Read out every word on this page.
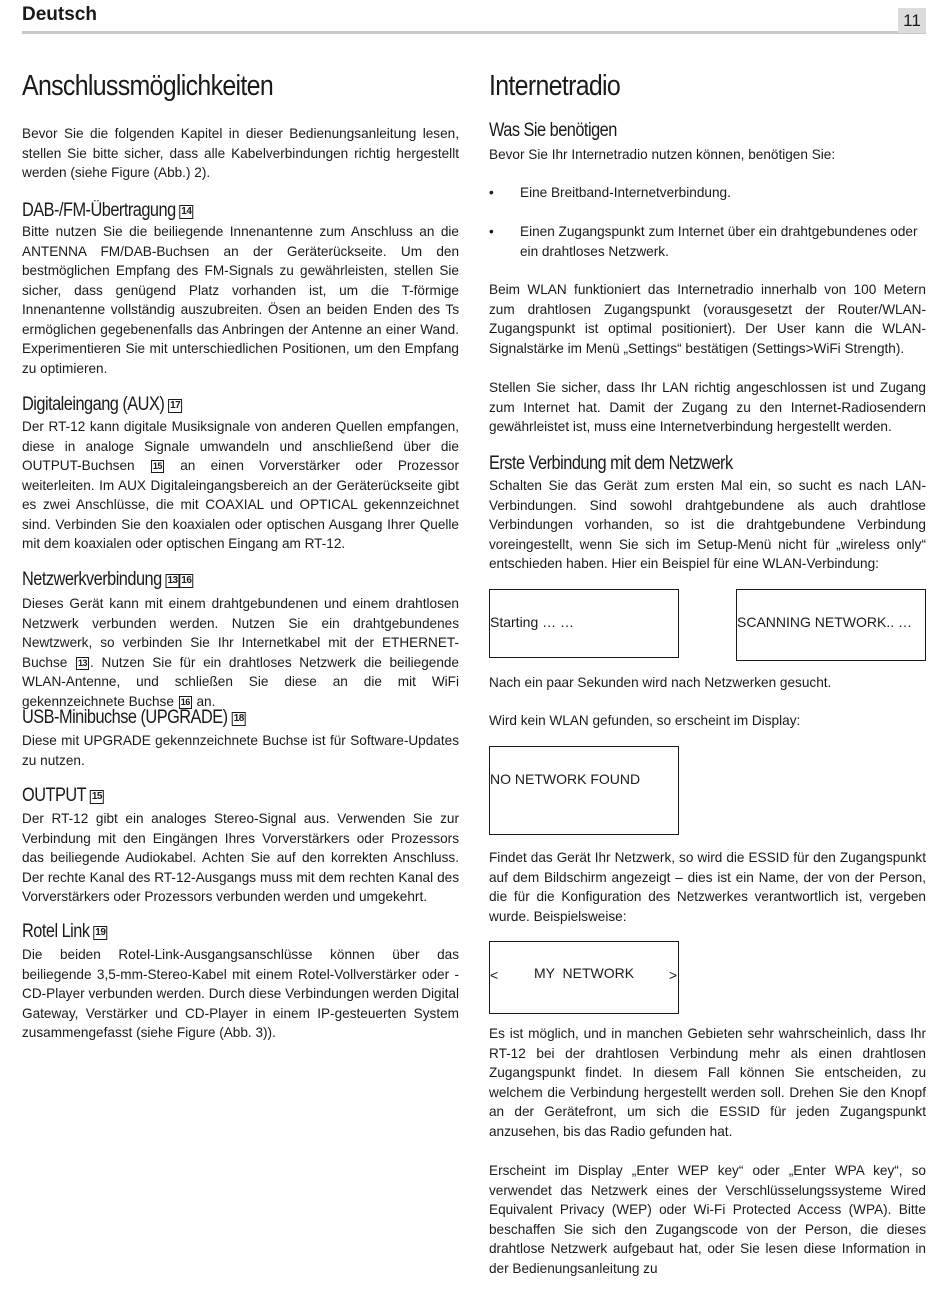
Deutsch	11
Anschlussmöglichkeiten
Bevor Sie die folgenden Kapitel in dieser Bedienungsanleitung lesen, stellen Sie bitte sicher, dass alle Kabelverbindungen richtig hergestellt werden (siehe Figure (Abb.) 2).
DAB-/FM-Übertragung 14
Bitte nutzen Sie die beiliegende Innenantenne zum Anschluss an die ANTENNA FM/DAB-Buchsen an der Geräterückseite. Um den bestmöglichen Empfang des FM-Signals zu gewährleisten, stellen Sie sicher, dass genügend Platz vorhanden ist, um die T-förmige Innenantenne vollständig auszubreiten. Ösen an beiden Enden des Ts ermöglichen gegebenenfalls das Anbringen der Antenne an einer Wand. Experimentieren Sie mit unterschiedlichen Positionen, um den Empfang zu optimieren.
Digitaleingang (AUX) 17
Der RT-12 kann digitale Musiksignale von anderen Quellen empfangen, diese in analoge Signale umwandeln und anschließend über die OUTPUT-Buchsen 15 an einen Vorverstärker oder Prozessor weiterleiten. Im AUX Digitaleingangsbereich an der Geräterückseite gibt es zwei Anschlüsse, die mit COAXIAL und OPTICAL gekennzeichnet sind. Verbinden Sie den koaxialen oder optischen Ausgang Ihrer Quelle mit dem koaxialen oder optischen Eingang am RT-12.
Netzwerkverbindung 13 16
Dieses Gerät kann mit einem drahtgebundenen und einem drahtlosen Netzwerk verbunden werden. Nutzen Sie ein drahtgebundenes Newtzwerk, so verbinden Sie Ihr Internetkabel mit der ETHERNET-Buchse 13 . Nutzen Sie für ein drahtloses Netzwerk die beiliegende WLAN-Antenne, und schließen Sie diese an die mit WiFi gekennzeichnete Buchse 16 an.
USB-Minibuchse (UPGRADE) 18
Diese mit UPGRADE gekennzeichnete Buchse ist für Software-Updates zu nutzen.
OUTPUT 15
Der RT-12 gibt ein analoges Stereo-Signal aus. Verwenden Sie zur Verbindung mit den Eingängen Ihres Vorverstärkers oder Prozessors das beiliegende Audiokabel. Achten Sie auf den korrekten Anschluss. Der rechte Kanal des RT-12-Ausgangs muss mit dem rechten Kanal des Vorverstärkers oder Prozessors verbunden werden und umgekehrt.
Rotel Link 19
Die beiden Rotel-Link-Ausgangsanschlüsse können über das beiliegende 3,5-mm-Stereo-Kabel mit einem Rotel-Vollverstärker oder -CD-Player verbunden werden. Durch diese Verbindungen werden Digital Gateway, Verstärker und CD-Player in einem IP-gesteuerten System zusammengefasst (siehe Figure (Abb. 3)).
Internetradio
Was Sie benötigen
Bevor Sie Ihr Internetradio nutzen können, benötigen Sie:
• Eine Breitband-Internetverbindung.
• Einen Zugangspunkt zum Internet über ein drahtgebundenes oder ein drahtloses Netzwerk.
Beim WLAN funktioniert das Internetradio innerhalb von 100 Metern zum drahtlosen Zugangspunkt (vorausgesetzt der Router/WLAN-Zugangspunkt ist optimal positioniert). Der User kann die WLAN-Signalstärke im Menü „Settings“ bestätigen (Settings>WiFi Strength).
Stellen Sie sicher, dass Ihr LAN richtig angeschlossen ist und Zugang zum Internet hat. Damit der Zugang zu den Internet-Radiosendern gewährleistet ist, muss eine Internetverbindung hergestellt werden.
Erste Verbindung mit dem Netzwerk
Schalten Sie das Gerät zum ersten Mal ein, so sucht es nach LAN-Verbindungen. Sind sowohl drahtgebundene als auch drahtlose Verbindungen vorhanden, so ist die drahtgebundene Verbindung voreingestellt, wenn Sie sich im Setup-Menü nicht für „wireless only“ entschieden haben. Hier ein Beispiel für eine WLAN-Verbindung:
Starting … …	SCANNING NETWORK.. …
Nach ein paar Sekunden wird nach Netzwerken gesucht.
Wird kein WLAN gefunden, so erscheint im Display:
NO NETWORK FOUND
Findet das Gerät Ihr Netzwerk, so wird die ESSID für den Zugangspunkt auf dem Bildschirm angezeigt – dies ist ein Name, der von der Person, die für die Konfiguration des Netzwerkes verantwortlich ist, vergeben wurde. Beispielsweise:
<	MY  NETWORK >
Es ist möglich, und in manchen Gebieten sehr wahrscheinlich, dass Ihr RT-12 bei der drahtlosen Verbindung mehr als einen drahtlosen Zugangspunkt findet. In diesem Fall können Sie entscheiden, zu welchem die Verbindung hergestellt werden soll. Drehen Sie den Knopf an der Gerätefront, um sich die ESSID für jeden Zugangspunkt anzusehen, bis das Radio gefunden hat.
Erscheint im Display „Enter WEP key“ oder „Enter WPA key“, so verwendet das Netzwerk eines der Verschlüsselungssysteme Wired Equivalent Privacy (WEP) oder Wi-Fi Protected Access (WPA). Bitte beschaffen Sie sich den Zugangscode von der Person, die dieses drahtlose Netzwerk aufgebaut hat, oder Sie lesen diese Information in der Bedienungsanleitung zu
